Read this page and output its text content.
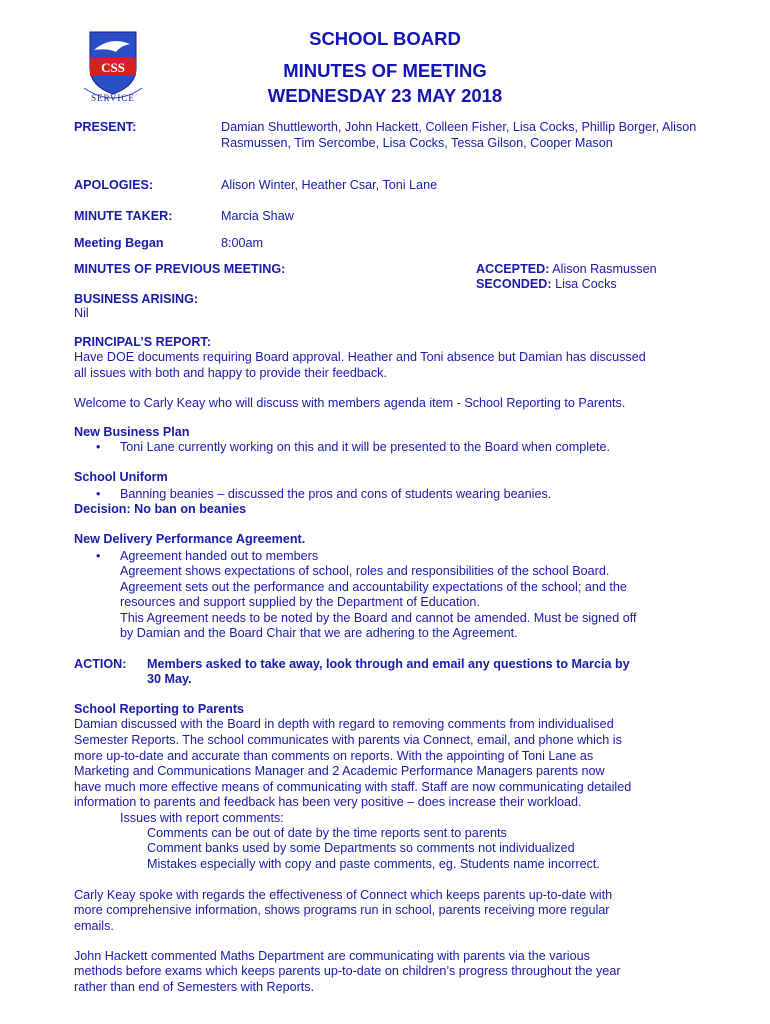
CSS
SERVICE
SCHOOL BOARD
MINUTES OF MEETING
WEDNESDAY 23 MAY 2018
PRESENT:	Damian Shuttleworth, John Hackett, Colleen Fisher, Lisa Cocks, Phillip Borger, Alison Rasmussen, Tim Sercombe, Lisa Cocks, Tessa Gilson, Cooper Mason
APOLOGIES:	Alison Winter, Heather Csar, Toni Lane
MINUTE TAKER:	Marcia Shaw
Meeting Began	8:00am
MINUTES OF PREVIOUS MEETING:	ACCEPTED: Alison Rasmussen
SECONDED: Lisa Cocks
BUSINESS ARISING:
Nil
PRINCIPAL’S REPORT:
Have DOE documents requiring Board approval. Heather and Toni absence but Damian has discussed
all issues with both and happy to provide their feedback.
Welcome to Carly Keay who will discuss with members agenda item - School Reporting to Parents.
New Business Plan
• Toni Lane currently working on this and it will be presented to the Board when complete.
School Uniform
• Banning beanies – discussed the pros and cons of students wearing beanies.
Decision: No ban on beanies
New Delivery Performance Agreement.
• Agreement handed out to members
Agreement shows expectations of school, roles and responsibilities of the school Board.
Agreement sets out the performance and accountability expectations of the school; and the
resources and support supplied by the Department of Education.
This Agreement needs to be noted by the Board and cannot be amended. Must be signed off
by Damian and the Board Chair that we are adhering to the Agreement.
ACTION:	Members asked to take away, look through and email any questions to Marcia by
30 May.
School Reporting to Parents
Damian discussed with the Board in depth with regard to removing comments from individualised
Semester Reports. The school communicates with parents via Connect, email, and phone which is
more up-to-date and accurate than comments on reports. With the appointing of Toni Lane as
Marketing and Communications Manager and 2 Academic Performance Managers parents now
have much more effective means of communicating with staff. Staff are now communicating detailed
information to parents and feedback has been very positive – does increase their workload.
Issues with report comments:
Comments can be out of date by the time reports sent to parents
Comment banks used by some Departments so comments not individualized
Mistakes especially with copy and paste comments, eg. Students name incorrect.
Carly Keay spoke with regards the effectiveness of Connect which keeps parents up-to-date with
more comprehensive information, shows programs run in school, parents receiving more regular
emails.
John Hackett commented Maths Department are communicating with parents via the various
methods before exams which keeps parents up-to-date on children’s progress throughout the year
rather than end of Semesters with Reports.
